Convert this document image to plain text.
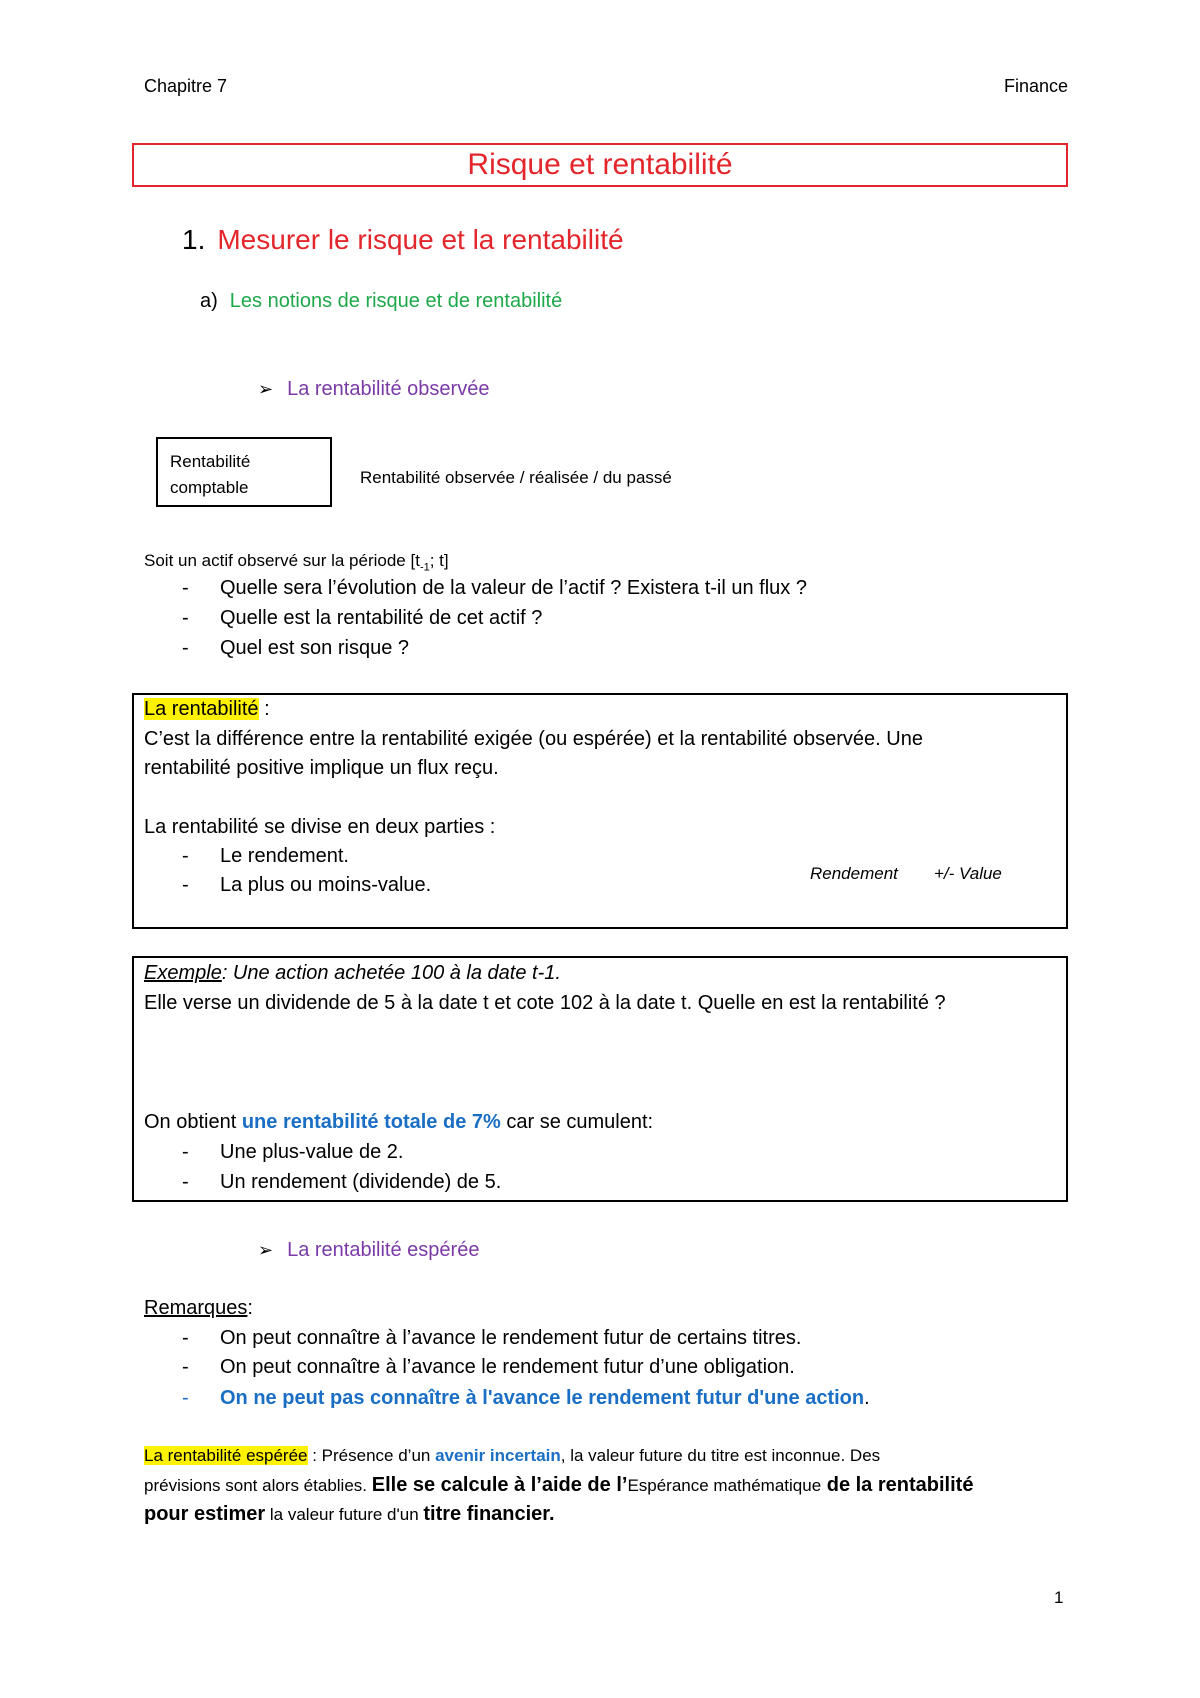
Chapitre 7	Finance
Risque et rentabilité
1. Mesurer le risque et la rentabilité
a) Les notions de risque et de rentabilité
➢ La rentabilité observée
Rentabilité
comptable
Rentabilité observée / réalisée / du passé
Soit un actif observé sur la période [$t_{-1}$; t]
- Quelle sera l’évolution de la valeur de l’actif ? Existera t-il un flux ?
- Quelle est la rentabilité de cet actif ?
- Quel est son risque ?
La rentabilité :
C’est la différence entre la rentabilité exigée (ou espérée) et la rentabilité observée. Une
rentabilité positive implique un flux reçu.
La rentabilité se divise en deux parties :
- Le rendement.
- La plus ou moins-value.
Rendement +/- Value
Exemple: Une action achetée 100 à la date t-1.
Elle verse un dividende de 5 à la date t et cote 102 à la date t. Quelle en est la rentabilité ?
On obtient une rentabilité totale de 7% car se cumulent:
- Une plus-value de 2.
- Un rendement (dividende) de 5.
➢ La rentabilité espérée
Remarques:
- On peut connaître à l’avance le rendement futur de certains titres.
- On peut connaître à l’avance le rendement futur d’une obligation.
- On ne peut pas connaître à l'avance le rendement futur d'une action.
La rentabilité espérée : Présence d’un avenir incertain, la valeur future du titre est inconnue. Des
prévisions sont alors établies. Elle se calcule à l’aide de l’Espérance mathématique de la rentabilité
pour estimer la valeur future d'un titre financier.
1
